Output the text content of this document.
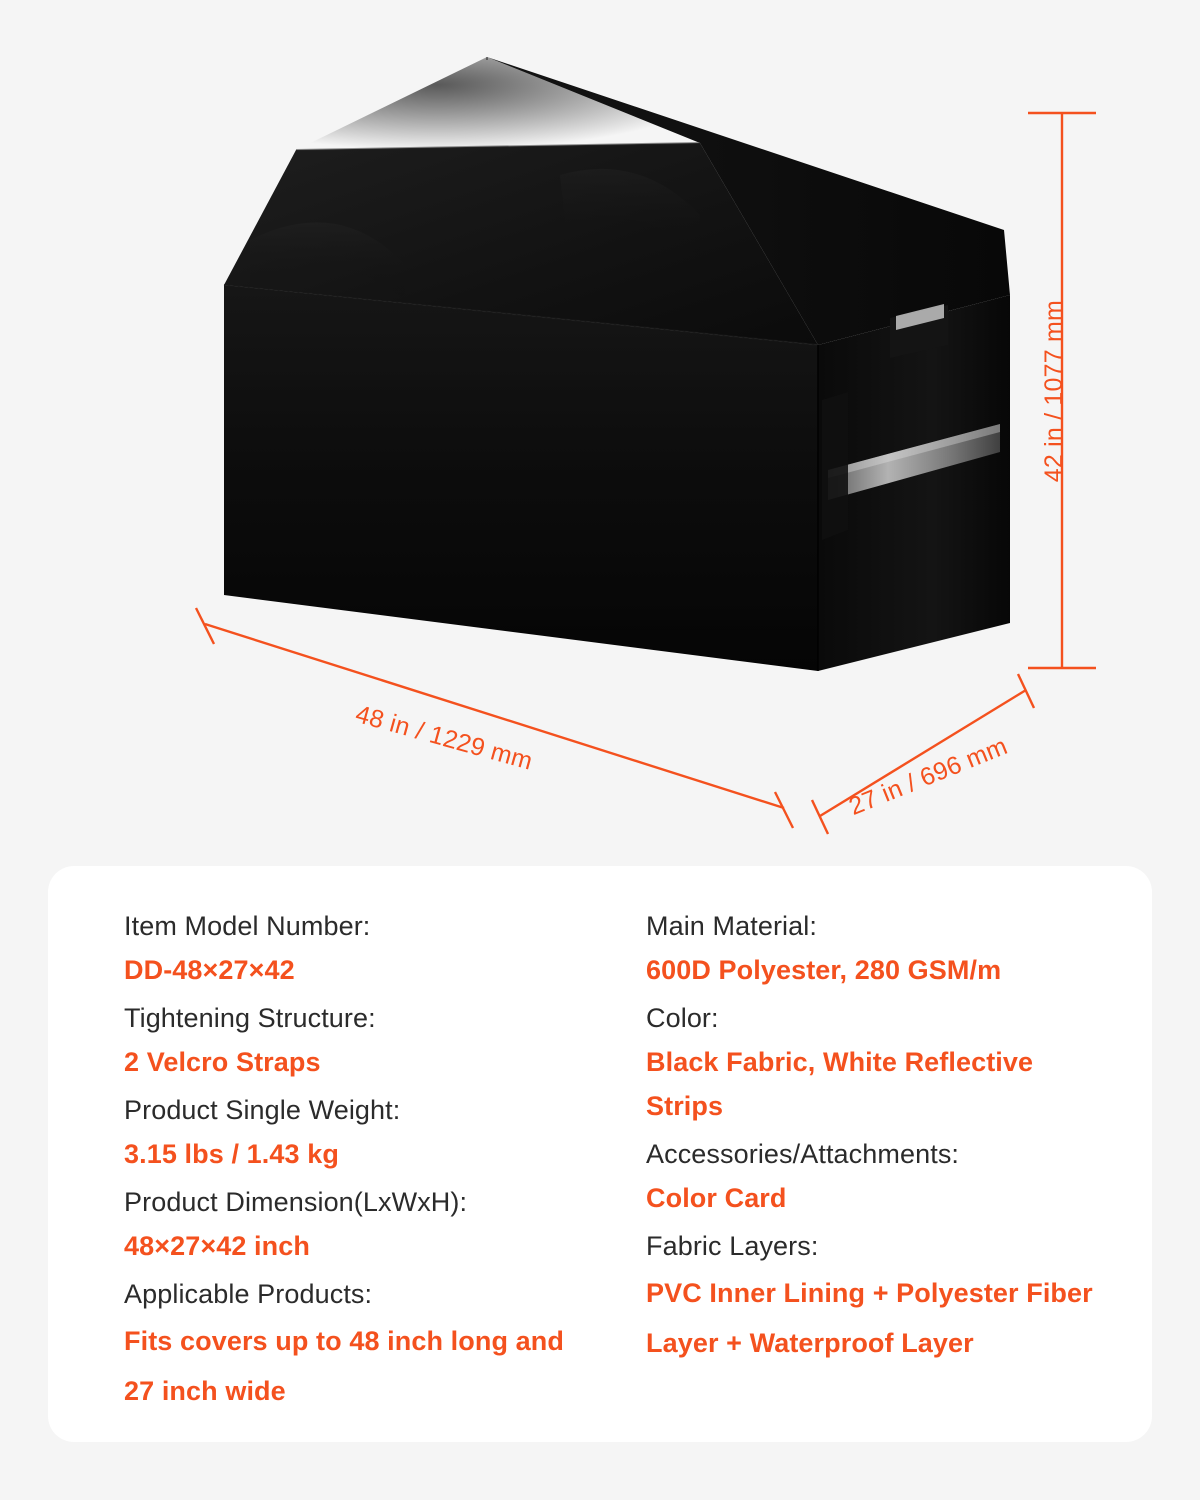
42 in / 1077 mm
48 in / 1229 mm	27 in / 696 mm

Item Model Number:

DD-48×27×42

Tightening Structure:

2 Velcro Straps

Product Single Weight:

3.15 lbs / 1.43 kg

Product Dimension(LxWxH):

48×27×42 inch

Applicable Products:

Fits covers up to 48 inch long and 27 inch wide

Main Material:

600D Polyester, 280 GSM/m

Color:

Black Fabric, White Reflective Strips

Accessories/Attachments:

Color Card

Fabric Layers:

PVC Inner Lining + Polyester Fiber Layer + Waterproof Layer
